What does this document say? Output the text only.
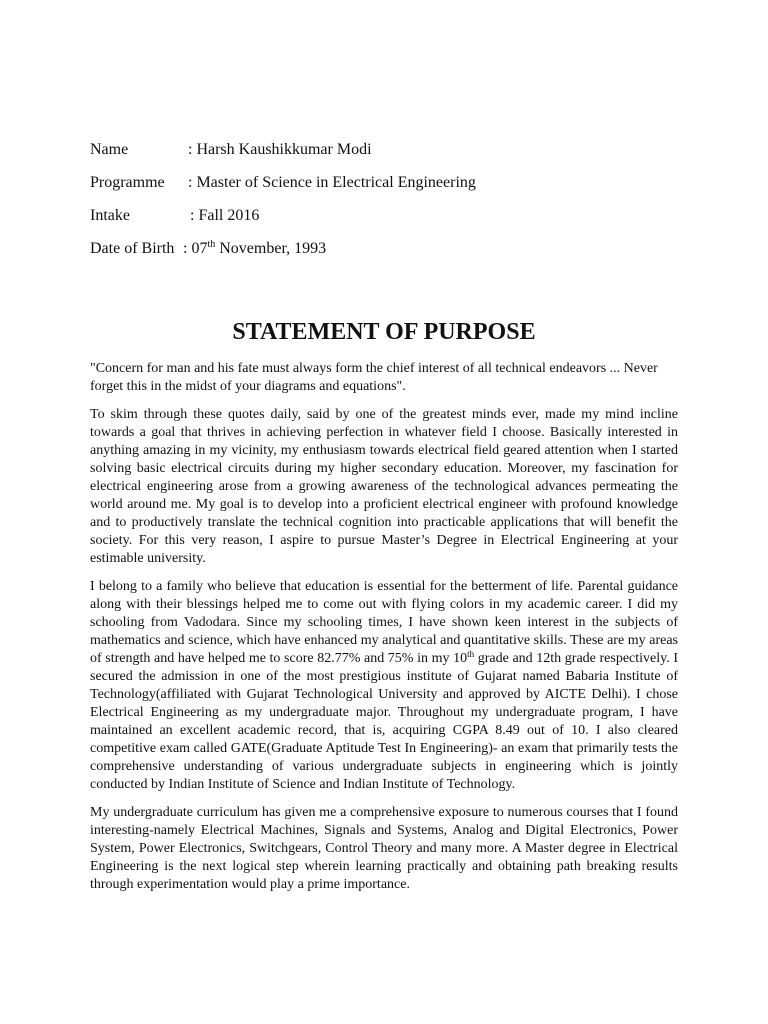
Name	: Harsh Kaushikkumar Modi
Programme : Master of Science in Electrical Engineering
Intake	: Fall 2016
Date of Birth : 07th November, 1993
STATEMENT OF PURPOSE

"Concern for man and his fate must always form the chief interest of all technical endeavors ... Never forget this in the midst of your diagrams and equations".

To skim through these quotes daily, said by one of the greatest minds ever, made my mind incline towards a goal that thrives in achieving perfection in whatever field I choose. Basically interested in anything amazing in my vicinity, my enthusiasm towards electrical field geared attention when I started solving basic electrical circuits during my higher secondary education. Moreover, my fascination for electrical engineering arose from a growing awareness of the technological advances permeating the world around me. My goal is to develop into a proficient electrical engineer with profound knowledge and to productively translate the technical cognition into practicable applications that will benefit the society. For this very reason, I aspire to pursue Master’s Degree in Electrical Engineering at your estimable university.

I belong to a family who believe that education is essential for the betterment of life. Parental guidance along with their blessings helped me to come out with flying colors in my academic career. I did my schooling from Vadodara. Since my schooling times, I have shown keen interest in the subjects of mathematics and science, which have enhanced my analytical and quantitative skills. These are my areas of strength and have helped me to score 82.77% and 75% in my 10th grade and 12th grade respectively. I secured the admission in one of the most prestigious institute of Gujarat named Babaria Institute of Technology(affiliated with Gujarat Technological University and approved by AICTE Delhi). I chose Electrical Engineering as my undergraduate major. Throughout my undergraduate program, I have maintained an excellent academic record, that is, acquiring CGPA 8.49 out of 10. I also cleared competitive exam called GATE(Graduate Aptitude Test In Engineering)- an exam that primarily tests the comprehensive understanding of various undergraduate subjects in engineering which is jointly conducted by Indian Institute of Science and Indian Institute of Technology.

My undergraduate curriculum has given me a comprehensive exposure to numerous courses that I found interesting-namely Electrical Machines, Signals and Systems, Analog and Digital Electronics, Power System, Power Electronics, Switchgears, Control Theory and many more. A Master degree in Electrical Engineering is the next logical step wherein learning practically and obtaining path breaking results through experimentation would play a prime importance.
